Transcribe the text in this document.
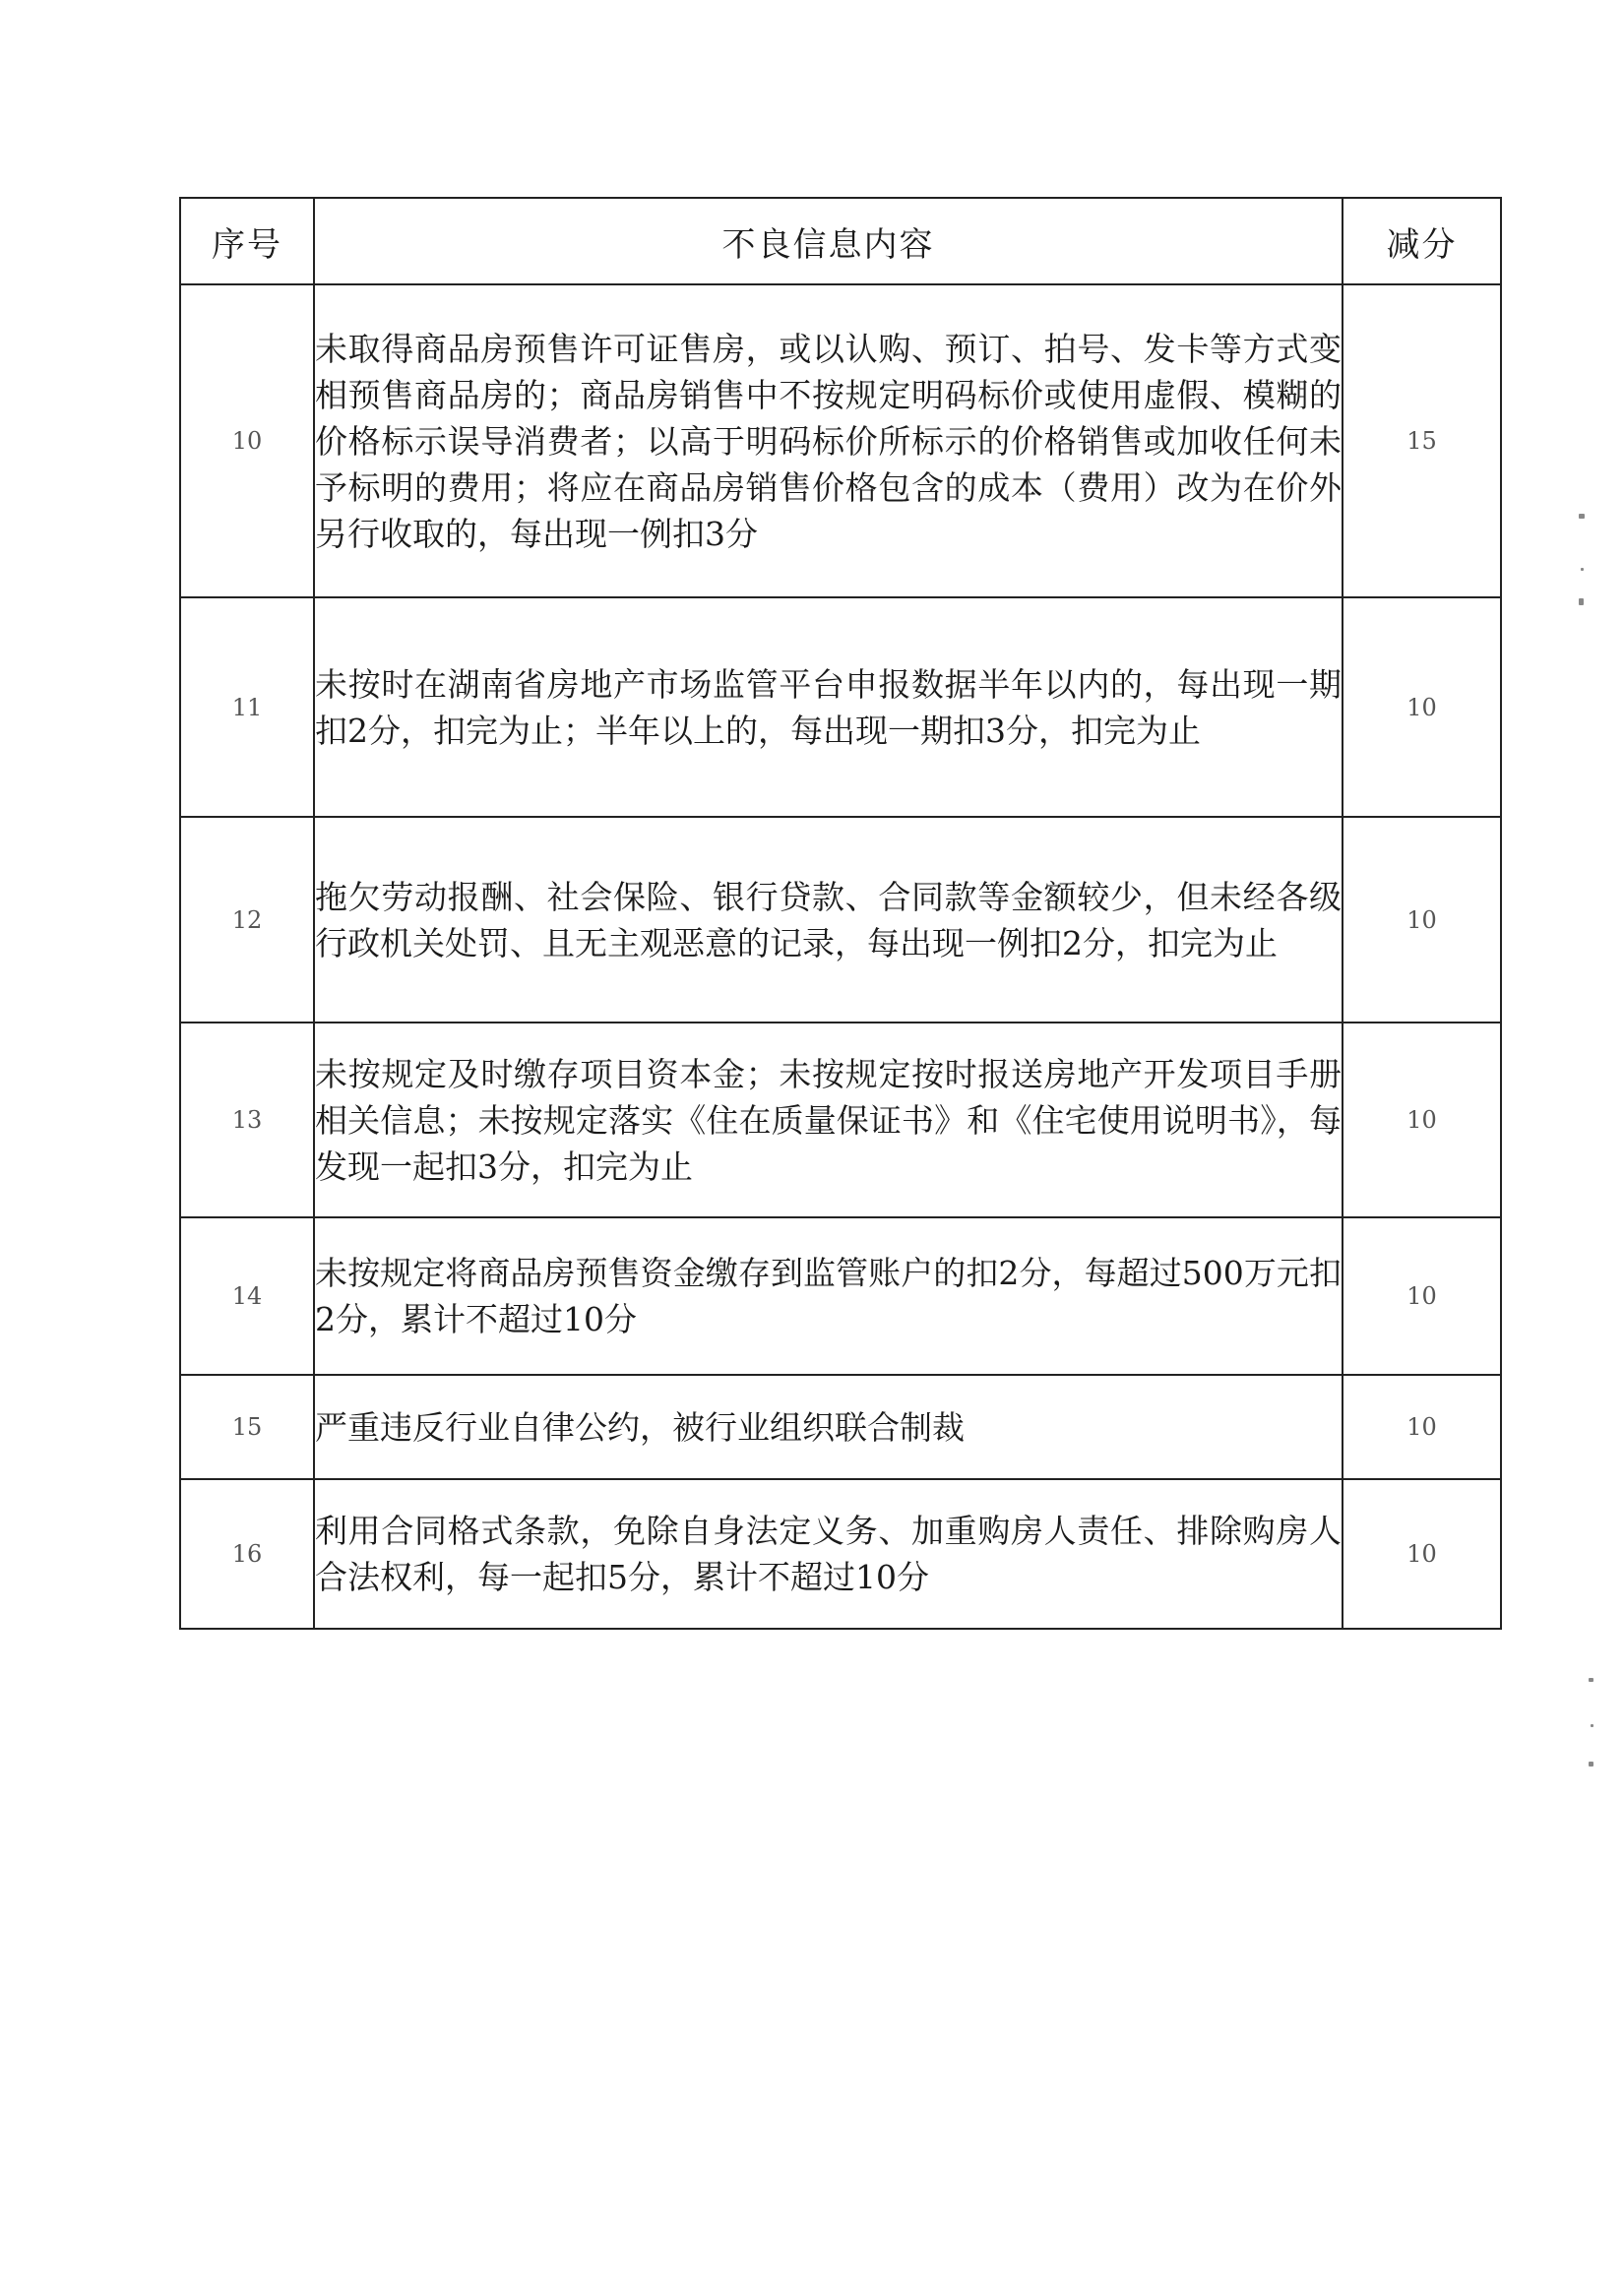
序号	不良信息内容	减分
10	未取得商品房预售许可证售房，或以认购、预订、拍号、发卡等方式变相预售商品房的；商品房销售中不按规定明码标价或使用虚假、模糊的价格标示误导消费者；以高于明码标价所标示的价格销售或加收任何未予标明的费用；将应在商品房销售价格包含的成本（费用）改为在价外另行收取的，每出现一例扣3分	15
11	未按时在湖南省房地产市场监管平台申报数据半年以内的，每出现一期扣2分，扣完为止；半年以上的，每出现一期扣3分，扣完为止	10
12	拖欠劳动报酬、社会保险、银行贷款、合同款等金额较少，但未经各级行政机关处罚、且无主观恶意的记录，每出现一例扣2分，扣完为止	10
13	未按规定及时缴存项目资本金；未按规定按时报送房地产开发项目手册相关信息；未按规定落实《住在质量保证书》和《住宅使用说明书》，每发现一起扣3分，扣完为止	10
14	未按规定将商品房预售资金缴存到监管账户的扣2分，每超过500万元扣2分，累计不超过10分	10
15	严重违反行业自律公约，被行业组织联合制裁	10
16	利用合同格式条款，免除自身法定义务、加重购房人责任、排除购房人合法权利，每一起扣5分，累计不超过10分	10
